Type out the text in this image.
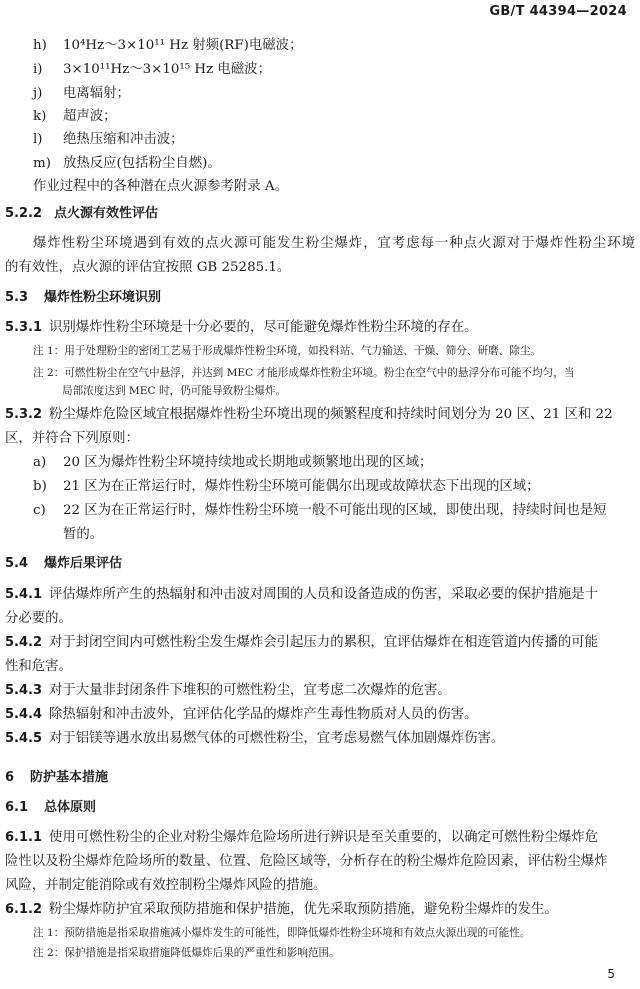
GB/T 44394—2024
h) 10⁴Hz～3×10¹¹ Hz 射频(RF)电磁波；
i) 3×10¹¹Hz～3×10¹⁵ Hz 电磁波；
j) 电离辐射；
k) 超声波；
l) 绝热压缩和冲击波；
m) 放热反应(包括粉尘自燃)。
作业过程中的各种潜在点火源参考附录 A。
5.2.2 点火源有效性评估
爆炸性粉尘环境遇到有效的点火源可能发生粉尘爆炸，宜考虑每一种点火源对于爆炸性粉尘环境
的有效性，点火源的评估宜按照 GB 25285.1。
5.3 爆炸性粉尘环境识别
5.3.1 识别爆炸性粉尘环境是十分必要的，尽可能避免爆炸性粉尘环境的存在。
注 1：用于处理粉尘的密闭工艺易于形成爆炸性粉尘环境，如投料站、气力输送、干燥、筛分、研磨、除尘。
注 2：可燃性粉尘在空气中悬浮，并达到 MEC 才能形成爆炸性粉尘环境。粉尘在空气中的悬浮分布可能不均匀，当
局部浓度达到 MEC 时，仍可能导致粉尘爆炸。
5.3.2 粉尘爆炸危险区域宜根据爆炸性粉尘环境出现的频繁程度和持续时间划分为 20 区、21 区和 22
区，并符合下列原则：
a) 20 区为爆炸性粉尘环境持续地或长期地或频繁地出现的区域；
b) 21 区为在正常运行时，爆炸性粉尘环境可能偶尔出现或故障状态下出现的区域；
c) 22 区为在正常运行时，爆炸性粉尘环境一般不可能出现的区域，即使出现，持续时间也是短
暂的。
5.4 爆炸后果评估
5.4.1 评估爆炸所产生的热辐射和冲击波对周围的人员和设备造成的伤害，采取必要的保护措施是十
分必要的。
5.4.2 对于封闭空间内可燃性粉尘发生爆炸会引起压力的累积，宜评估爆炸在相连管道内传播的可能
性和危害。
5.4.3 对于大量非封闭条件下堆积的可燃性粉尘，宜考虑二次爆炸的危害。
5.4.4 除热辐射和冲击波外，宜评估化学品的爆炸产生毒性物质对人员的伤害。
5.4.5 对于铝镁等遇水放出易燃气体的可燃性粉尘，宜考虑易燃气体加剧爆炸伤害。
6 防护基本措施
6.1 总体原则
6.1.1 使用可燃性粉尘的企业对粉尘爆炸危险场所进行辨识是至关重要的，以确定可燃性粉尘爆炸危
险性以及粉尘爆炸危险场所的数量、位置、危险区域等，分析存在的粉尘爆炸危险因素，评估粉尘爆炸
风险，并制定能消除或有效控制粉尘爆炸风险的措施。
6.1.2 粉尘爆炸防护宜采取预防措施和保护措施，优先采取预防措施，避免粉尘爆炸的发生。
注 1：预防措施是指采取措施减小爆炸发生的可能性，即降低爆炸性粉尘环境和有效点火源出现的可能性。
注 2：保护措施是指采取措施降低爆炸后果的严重性和影响范围。
5
